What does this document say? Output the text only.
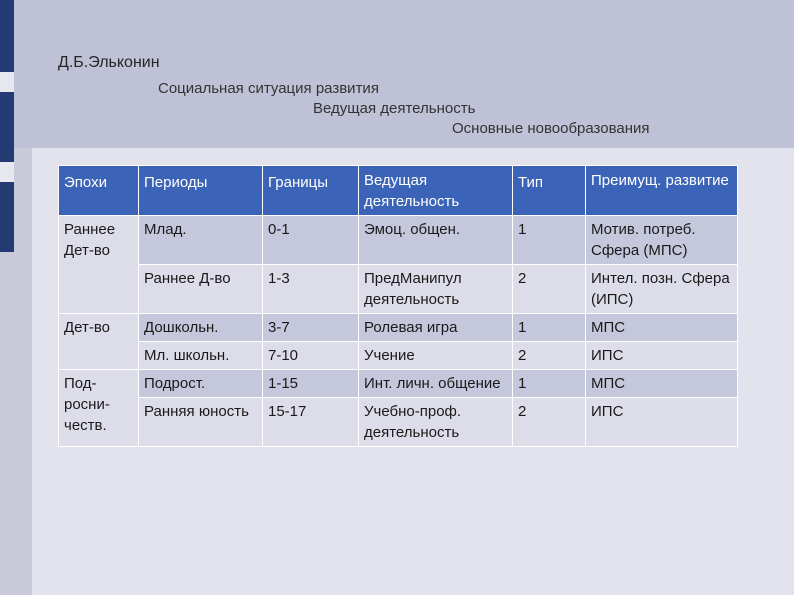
Д.Б.Эльконин
Социальная ситуация развития
Ведущая деятельность
Основные новообразования
Эпохи	Периоды	Границы	Ведущая деятельность	Тип	Преимущ. развитие
Раннее Дет-во	Млад.	0-1	Эмоц. общен.	1	Мотив. потреб. Сфера (МПС)
	Раннее Д-во	1-3	ПредМанипул деятельность	2	Интел. позн. Сфера (ИПС)
Дет-во	Дошкольн.	3-7	Ролевая игра	1	МПС
	Мл. школьн.	7-10	Учение	2	ИПС
Под-росни-честв.	Подрост.	1-15	Инт. личн. общение	1	МПС
	Ранняя юность	15-17	Учебно-проф. деятельность	2	ИПС
